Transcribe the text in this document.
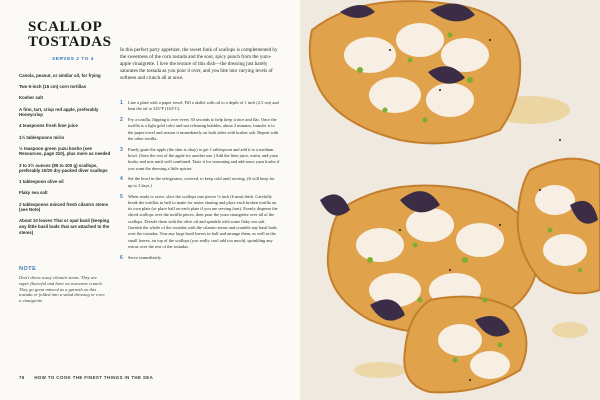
SCALLOP
TOSTADAS
SERVES 2 TO 4

Canola, peanut, or similar oil, for frying

Two 6-inch (15 cm) corn tortillas

Kosher salt

A firm, tart, crisp red apple, preferably Honeycrisp

4 teaspoons fresh lime juice

1½ tablespoons mirin

½ teaspoon green yuzu kosho (see Resources, page 310), plus more as needed

3 to 3½ ounces (85 to 100 g) scallops, preferably 10/20 dry-packed diver scallops

1 tablespoon olive oil

Flaky sea salt

2 tablespoons minced fresh cilantro stems (see Note)

About 10 leaves Thai or opal basil (keeping any little basil buds that are attached to the stems)

NOTE
Don't throw away cilantro stems. They are super flavorful and have an awesome crunch. They go great minced as a garnish on this tostada or folded into a salad dressing or even a vinaigrette.
In this perfect party appetizer, the sweet funk of scallops is complemented by the sweetness of the corn tostada and the sour, spicy punch from the yuzu-apple vinaigrette. I love the texture of this dish—the dressing just barely saturates the tostada as you pour it over, and you bite into varying levels of softness and crunch all at once.
1	Line a plate with a paper towel. Fill a skillet with oil to a depth of 1 inch (2.5 cm) and heat the oil to 325°F (163°C).
2	Fry a tortilla, flipping it over every 30 seconds to help keep it nice and flat. Once the tortilla is a light gold color and not releasing bubbles, about 2 minutes, transfer it to the paper towel and season it immediately on both sides with kosher salt. Repeat with the other tortilla.
3	Finely grate the apple (the skin is okay) to get 1 tablespoon and add it to a medium bowl. (Save the rest of the apple for another use.) Add the lime juice, mirin, and yuzu kosho and mix until well combined. Taste it for seasoning and add more yuzu kosho if you want the dressing a little spicier.
4	Set the bowl in the refrigerator, covered, to keep cold until serving. (It will keep for up to 3 days.)
5	When ready to serve, slice the scallops into pieces ⅛ inch (6 mm) thick. Carefully break the tortillas in half to make for easier sharing and place each broken tortilla on its own plate (or place half on each plate if you are serving four). Evenly disperse the sliced scallops over the tortilla pieces, then pour the yuzu vinaigrette over all of the scallops. Drizzle them with the olive oil and sprinkle with some flaky sea salt. Garnish the whole of the tostadas with the cilantro stems and crumble any basil buds over the tostadas. Tear any large basil leaves in half and arrange them, as well as the small leaves, on top of the scallops (you really can't add too much), sprinkling any extras over the rest of the tostadas.
6	Serve immediately.
76 HOW TO COOK THE FINEST THINGS IN THE SEA
